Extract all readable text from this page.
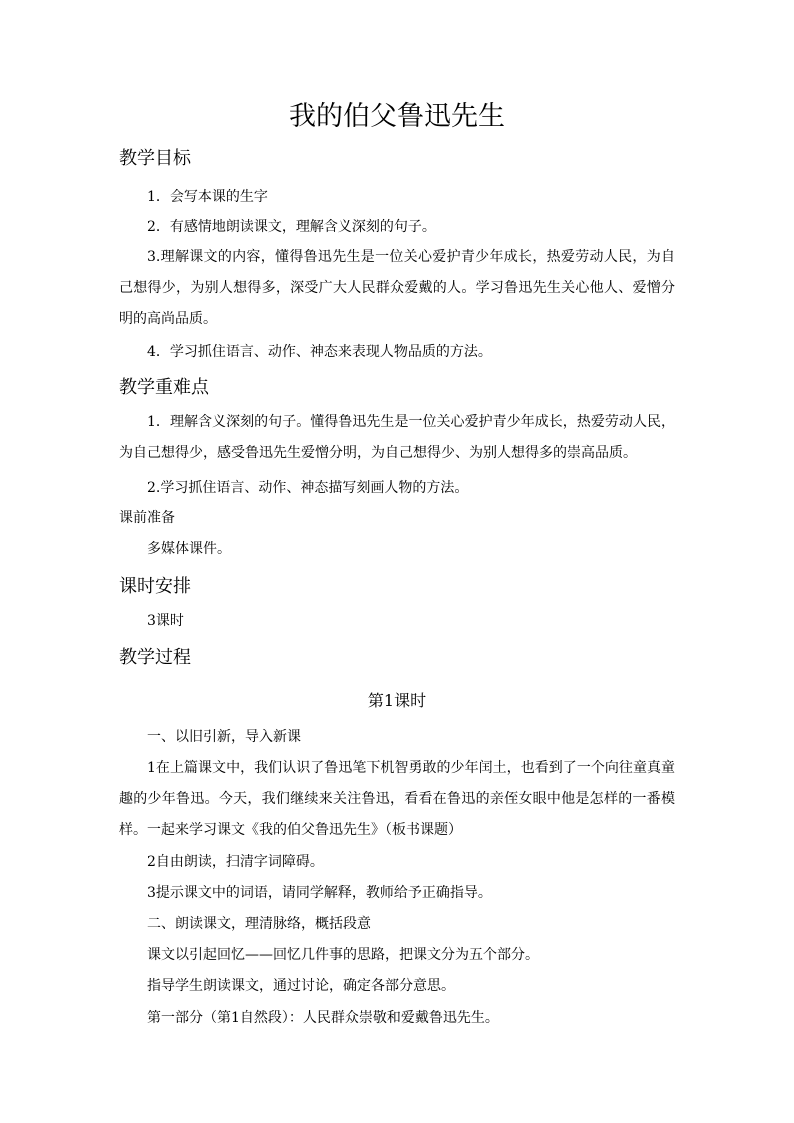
我的伯父鲁迅先生
教学目标
1．会写本课的生字
2．有感情地朗读课文，理解含义深刻的句子。
3.理解课文的内容，懂得鲁迅先生是一位关心爱护青少年成长，热爱劳动人民，为自己想得少，为别人想得多，深受广大人民群众爱戴的人。学习鲁迅先生关心他人、爱憎分明的高尚品质。
4．学习抓住语言、动作、神态来表现人物品质的方法。
教学重难点
1．理解含义深刻的句子。懂得鲁迅先生是一位关心爱护青少年成长，热爱劳动人民，为自己想得少，感受鲁迅先生爱憎分明，为自己想得少、为别人想得多的崇高品质。
2.学习抓住语言、动作、神态描写刻画人物的方法。
课前准备
多媒体课件。
课时安排
3课时
教学过程
第1课时
一、以旧引新，导入新课
1在上篇课文中，我们认识了鲁迅笔下机智勇敢的少年闰土，也看到了一个向往童真童趣的少年鲁迅。今天，我们继续来关注鲁迅，看看在鲁迅的亲侄女眼中他是怎样的一番模样。一起来学习课文《我的伯父鲁迅先生》（板书课题）
2自由朗读，扫清字词障碍。
3提示课文中的词语，请同学解释，教师给予正确指导。
二、朗读课文，理清脉络，概括段意
课文以引起回忆——回忆几件事的思路，把课文分为五个部分。
指导学生朗读课文，通过讨论，确定各部分意思。
第一部分（第1自然段）：人民群众崇敬和爱戴鲁迅先生。
